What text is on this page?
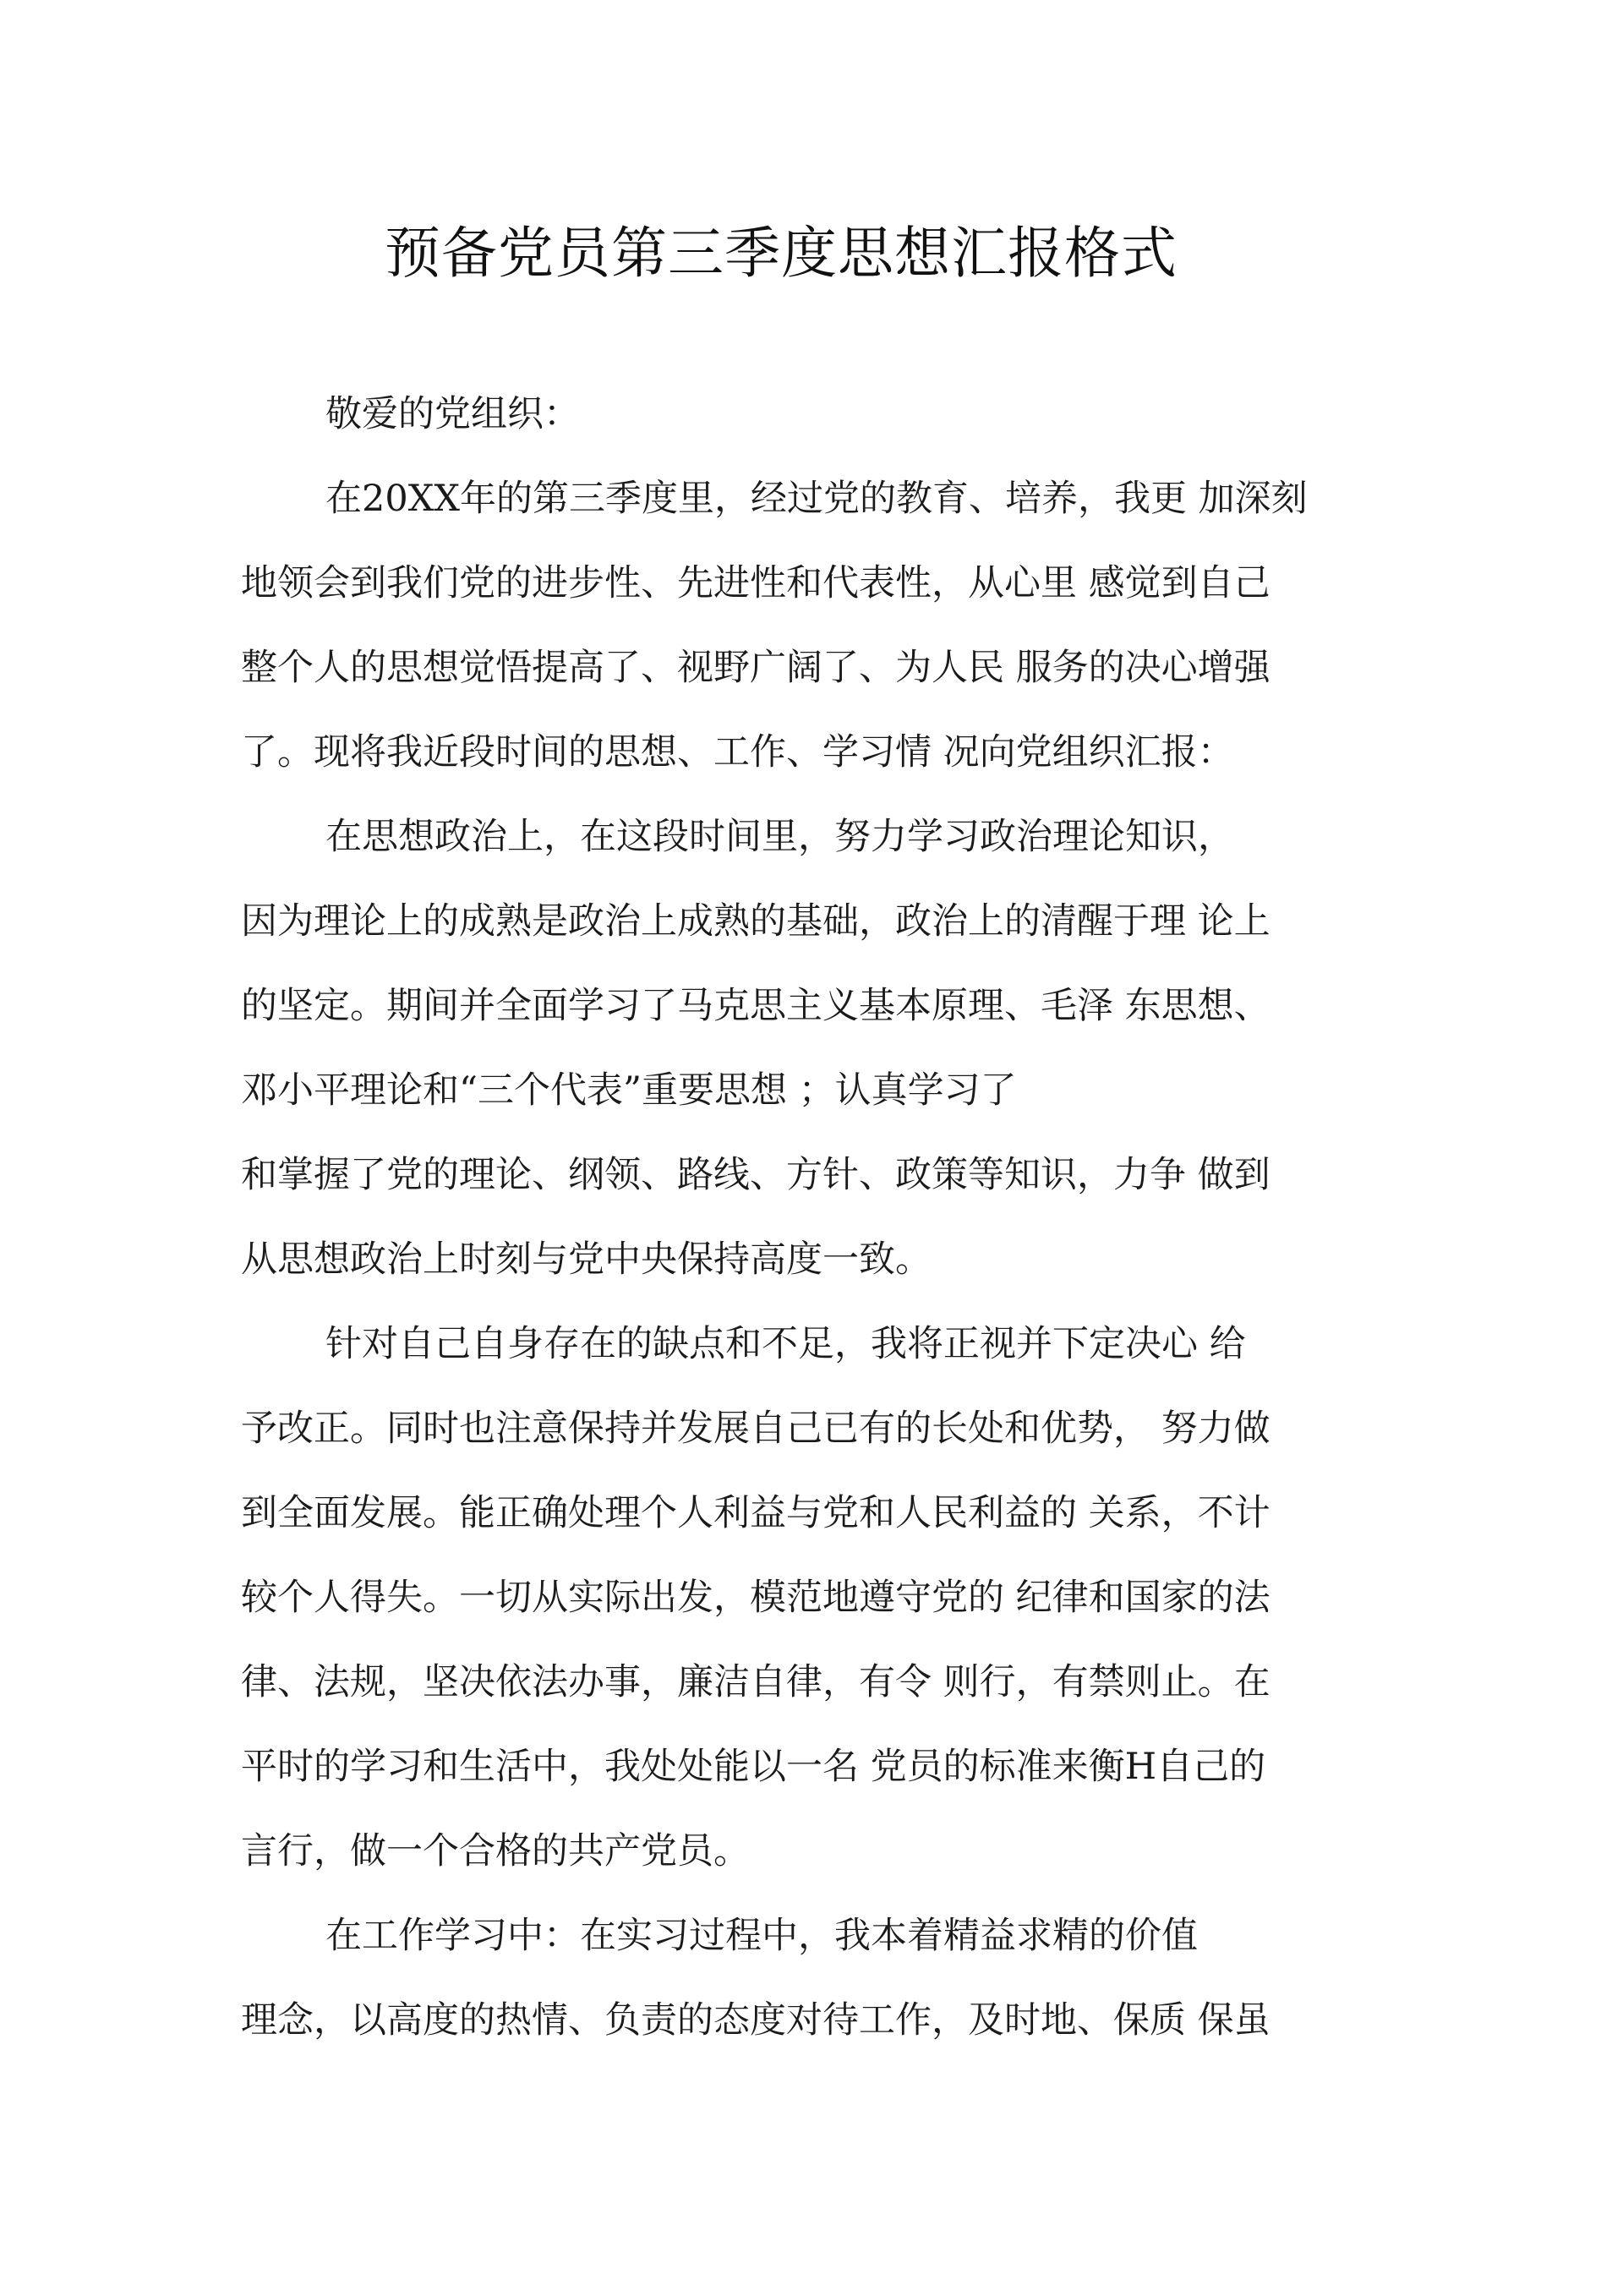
预备党员第三季度思想汇报格式
敬爱的党组织：
在20XX年的第三季度里，经过党的教育、培养，我更 加深刻
地领会到我们党的进步性、先进性和代表性，从心里 感觉到自己
整个人的思想觉悟提高了、视野广阔了、为人民 服务的决心增强
了。现将我近段时间的思想、工作、学习情 况向党组织汇报：
在思想政治上，在这段时间里，努力学习政治理论知识，
因为理论上的成熟是政治上成熟的基础，政治上的清醒于理 论上
的坚定。期间并全面学习了马克思主义基本原理、毛泽 东思想、
邓小平理论和“三个代表”重要思想 ；认真学习了
和掌握了党的理论、纲领、路线、方针、政策等知识，力争 做到
从思想政治上时刻与党中央保持高度一致。
针对自己自身存在的缺点和不足，我将正视并下定决心 给
予改正。同时也注意保持并发展自己已有的长处和优势， 努力做
到全面发展。能正确处理个人利益与党和人民利益的 关系，不计
较个人得失。一切从实际出发，模范地遵守党的 纪律和国家的法
律、法规，坚决依法办事，廉洁自律，有令 则行，有禁则止。在
平时的学习和生活中，我处处能以一名 党员的标准来衡H自己的
言行，做一个合格的共产党员。
在工作学习中：在实习过程中，我本着精益求精的价值
理念，以高度的热情、负责的态度对待工作，及时地、保质 保虽
